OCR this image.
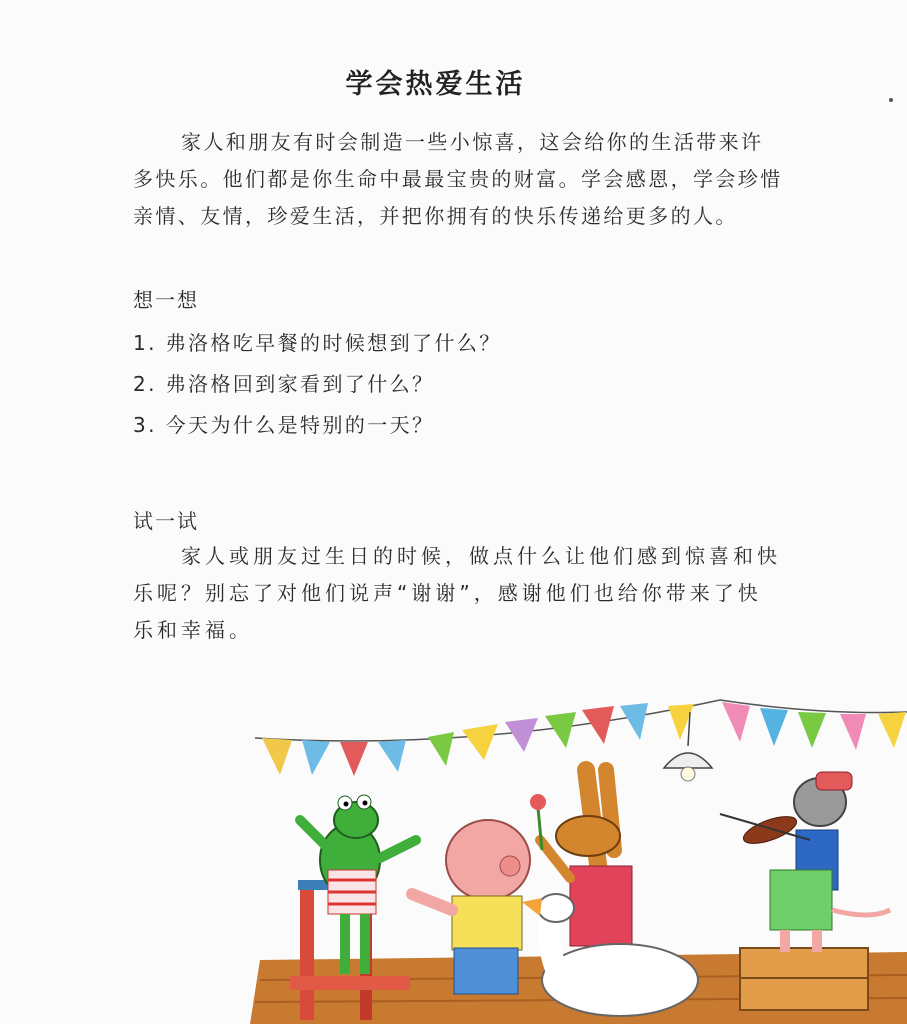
学会热爱生活
家人和朋友有时会制造一些小惊喜，这会给你的生活带来许多快乐。他们都是你生命中最最宝贵的财富。学会感恩，学会珍惜亲情、友情，珍爱生活，并把你拥有的快乐传递给更多的人。
想一想
1. 弗洛格吃早餐的时候想到了什么？
2. 弗洛格回到家看到了什么？
3. 今天为什么是特别的一天？
试一试
家人或朋友过生日的时候，做点什么让他们感到惊喜和快乐呢？别忘了对他们说声“谢谢”，感谢他们也给你带来了快乐和幸福。
